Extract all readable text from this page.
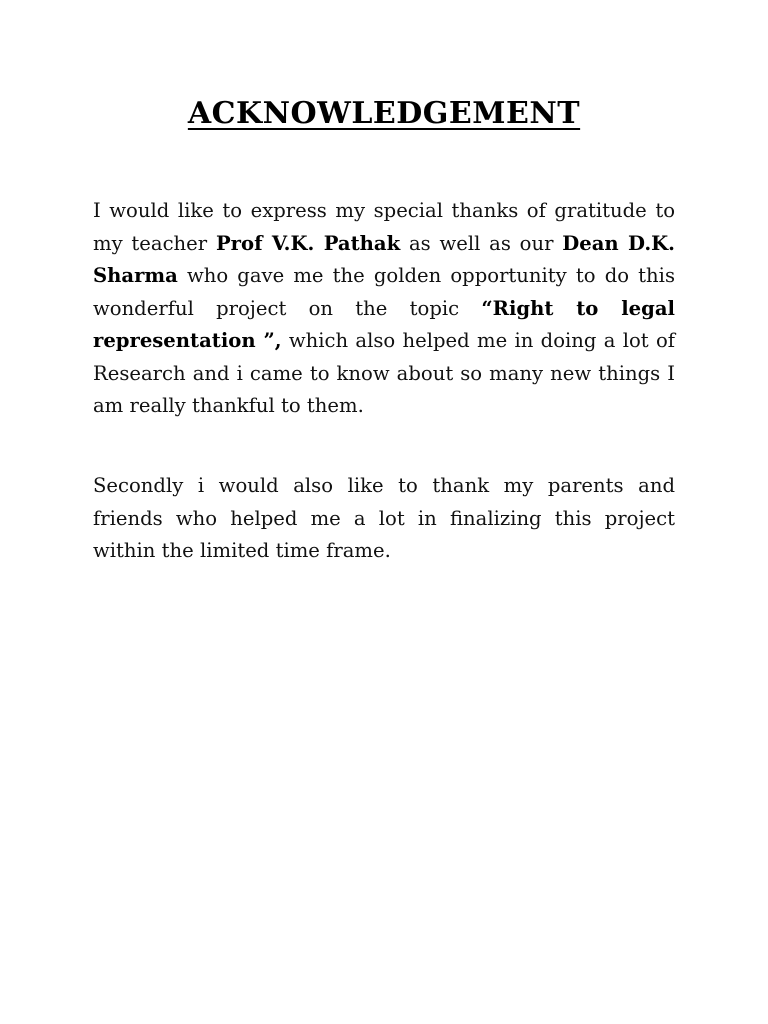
ACKNOWLEDGEMENT

I would like to express my special thanks of gratitude to my teacher Prof V.K. Pathak as well as our Dean D.K. Sharma who gave me the golden opportunity to do this wonderful project on the topic “Right to legal representation ”, which also helped me in doing a lot of Research and i came to know about so many new things I am really thankful to them.

Secondly i would also like to thank my parents and friends who helped me a lot in finalizing this project within the limited time frame.
